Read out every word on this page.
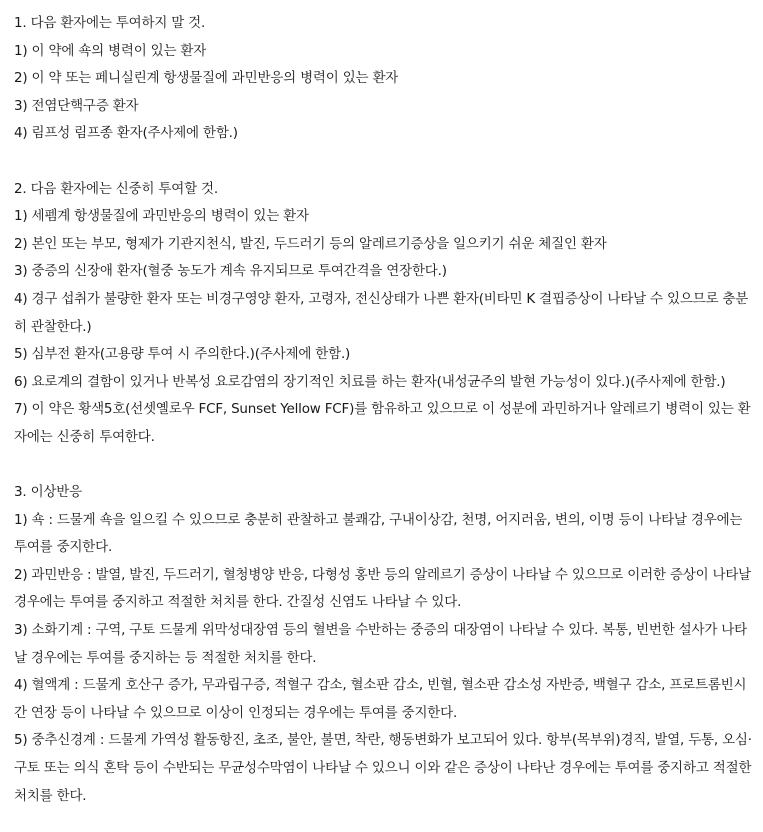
1. 다음 환자에는 투여하지 말 것.
1) 이 약에 쇽의 병력이 있는 환자
2) 이 약 또는 페니실린계 항생물질에 과민반응의 병력이 있는 환자
3) 전염단핵구증 환자
4) 림프성 림프종 환자(주사제에 한함.)
2. 다음 환자에는 신중히 투여할 것.
1) 세펨계 항생물질에 과민반응의 병력이 있는 환자
2) 본인 또는 부모, 형제가 기관지천식, 발진, 두드러기 등의 알레르기증상을 일으키기 쉬운 체질인 환자
3) 중증의 신장애 환자(혈중 농도가 계속 유지되므로 투여간격을 연장한다.)
4) 경구 섭취가 불량한 환자 또는 비경구영양 환자, 고령자, 전신상태가 나쁜 환자(비타민 K 결핍증상이 나타날 수 있으므로 충분히 관찰한다.)
5) 심부전 환자(고용량 투여 시 주의한다.)(주사제에 한함.)
6) 요로계의 결함이 있거나 반복성 요로감염의 장기적인 치료를 하는 환자(내성균주의 발현 가능성이 있다.)(주사제에 한함.)
7) 이 약은 황색5호(선셋옐로우 FCF, Sunset Yellow FCF)를 함유하고 있으므로 이 성분에 과민하거나 알레르기 병력이 있는 환자에는 신중히 투여한다.
3. 이상반응
1) 쇽 : 드물게 쇽을 일으킬 수 있으므로 충분히 관찰하고 불쾌감, 구내이상감, 천명, 어지러움, 변의, 이명 등이 나타날 경우에는 투여를 중지한다.
2) 과민반응 : 발열, 발진, 두드러기, 혈청병양 반응, 다형성 홍반 등의 알레르기 증상이 나타날 수 있으므로 이러한 증상이 나타날 경우에는 투여를 중지하고 적절한 처치를 한다. 간질성 신염도 나타날 수 있다.
3) 소화기계 : 구역, 구토 드물게 위막성대장염 등의 혈변을 수반하는 중증의 대장염이 나타날 수 있다. 복통, 빈번한 설사가 나타날 경우에는 투여를 중지하는 등 적절한 처치를 한다.
4) 혈액계 : 드물게 호산구 증가, 무과립구증, 적혈구 감소, 혈소판 감소, 빈혈, 혈소판 감소성 자반증, 백혈구 감소, 프로트롬빈시간 연장 등이 나타날 수 있으므로 이상이 인정되는 경우에는 투여를 중지한다.
5) 중추신경계 : 드물게 가역성 활동항진, 초조, 불안, 불면, 착란, 행동변화가 보고되어 있다. 항부(목부위)경직, 발열, 두통, 오심·구토 또는 의식 혼탁 등이 수반되는 무균성수막염이 나타날 수 있으니 이와 같은 증상이 나타난 경우에는 투여를 중지하고 적절한 처치를 한다.
